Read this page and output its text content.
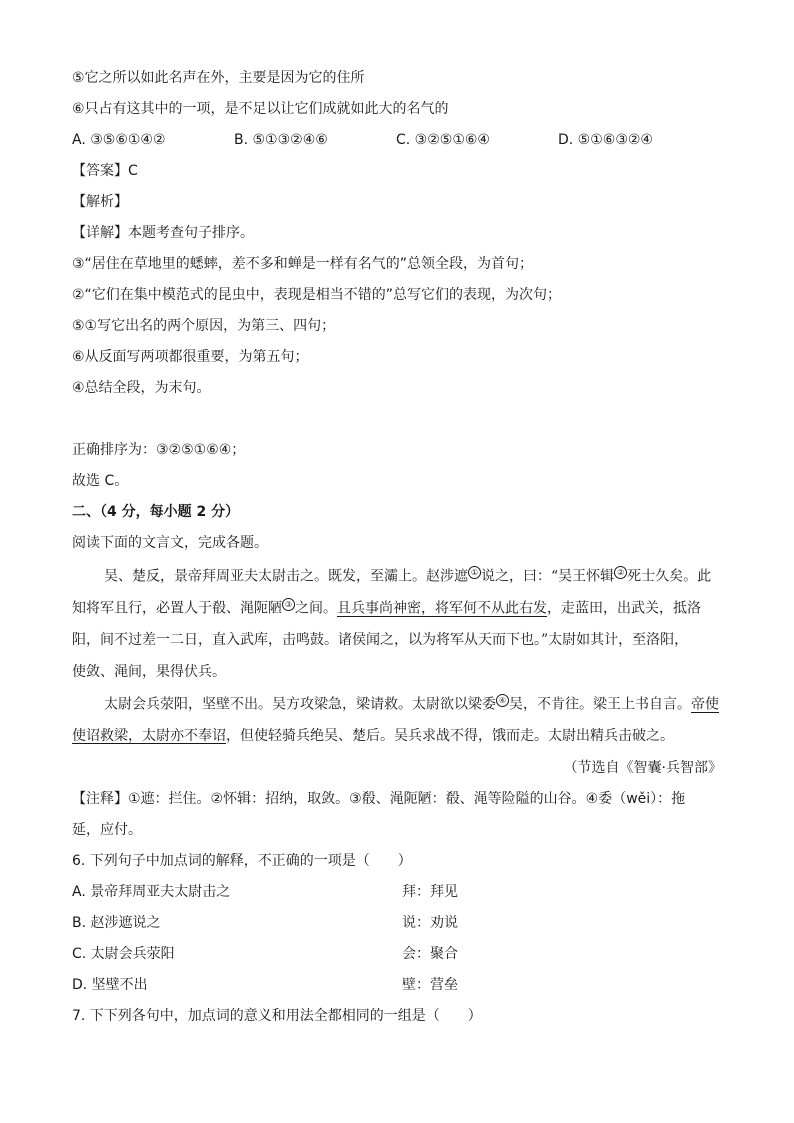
⑤它之所以如此名声在外，主要是因为它的住所
⑥只占有这其中的一项，是不足以让它们成就如此大的名气的
A. ③⑤⑥①④②	B. ⑤①③②④⑥	C. ③②⑤①⑥④	D. ⑤①⑥③②④
【答案】C
【解析】
【详解】本题考查句子排序。
③“居住在草地里的蟋蟀，差不多和蝉是一样有名气的”总领全段，为首句；
②“它们在集中模范式的昆虫中，表现是相当不错的”总写它们的表现，为次句；
⑤①写它出名的两个原因，为第三、四句；
⑥从反面写两项都很重要，为第五句；
④总结全段，为末句。
正确排序为：③②⑤①⑥④；
故选 C。
二、（4 分，每小题 2 分）
阅读下面的文言文，完成各题。
吴、楚反，景帝拜周亚夫太尉击之。既发，至灞上。赵涉遮 ① 说之，曰：“吴王怀辑 ② 死士久矣。此
知将军且行，必置人于殽、渑阨陋 ③ 之间。且兵事尚神密，将军何不从此右发，走蓝田，出武关，抵洛
阳，间不过差一二日，直入武库，击鸣鼓。诸侯闻之，以为将军从天而下也。”太尉如其计，至洛阳，
使敛、渑间，果得伏兵。
太尉会兵荥阳，坚壁不出。吴方攻梁急，梁请救。太尉欲以梁委 ④ 吴，不肯往。梁王上书自言。帝使
使诏救梁，太尉亦不奉诏，但使轻骑兵绝吴、楚后。吴兵求战不得，饿而走。太尉出精兵击破之。
（节选自《智囊·兵智部》
【注释】①遮：拦住。②怀辑：招纳，取敛。③殽、渑阨陋：殽、渑等险隘的山谷。④委（wěi）：拖
延，应付。
6. 下列句子中加点词的解释，不正确的一项是（　　）
A. 景帝拜周亚夫太尉击之	拜：拜见
B. 赵涉遮说之	说：劝说
C. 太尉会兵荥阳	会：聚合
D. 坚壁不出	壁：营垒
7. 下下列各句中，加点词的意义和用法全都相同的一组是（　　）
